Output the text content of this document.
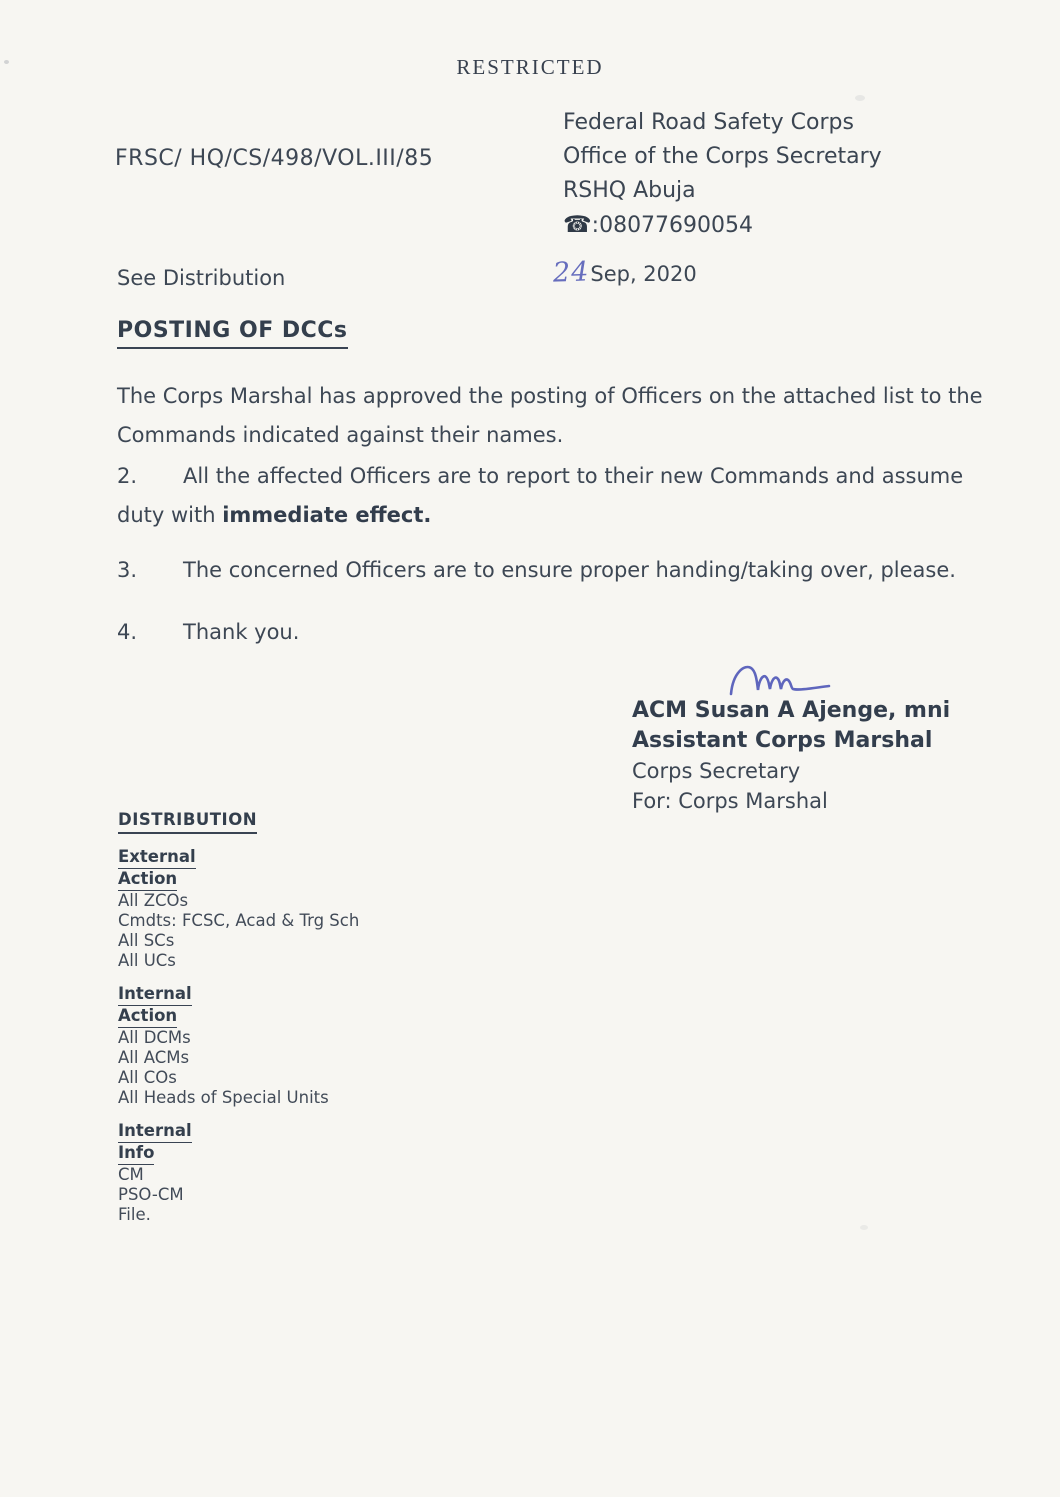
RESTRICTED
FRSC/ HQ/CS/498/VOL.III/85
Federal Road Safety Corps
Office of the Corps Secretary
RSHQ Abuja
☎:08077690054
See Distribution	24Sep, 2020
POSTING OF DCCs
The Corps Marshal has approved the posting of Officers on the attached list to the Commands indicated against their names.
2. All the affected Officers are to report to their new Commands and assume duty with immediate effect.
3. The concerned Officers are to ensure proper handing/taking over, please.
4. Thank you.
ACM Susan A Ajenge, mni
Assistant Corps Marshal
Corps Secretary
For: Corps Marshal
DISTRIBUTION
External
Action
All ZCOs
Cmdts: FCSC, Acad & Trg Sch
All SCs
All UCs
Internal
Action
All DCMs
All ACMs
All COs
All Heads of Special Units
Internal
Info
CM
PSO-CM
File.
